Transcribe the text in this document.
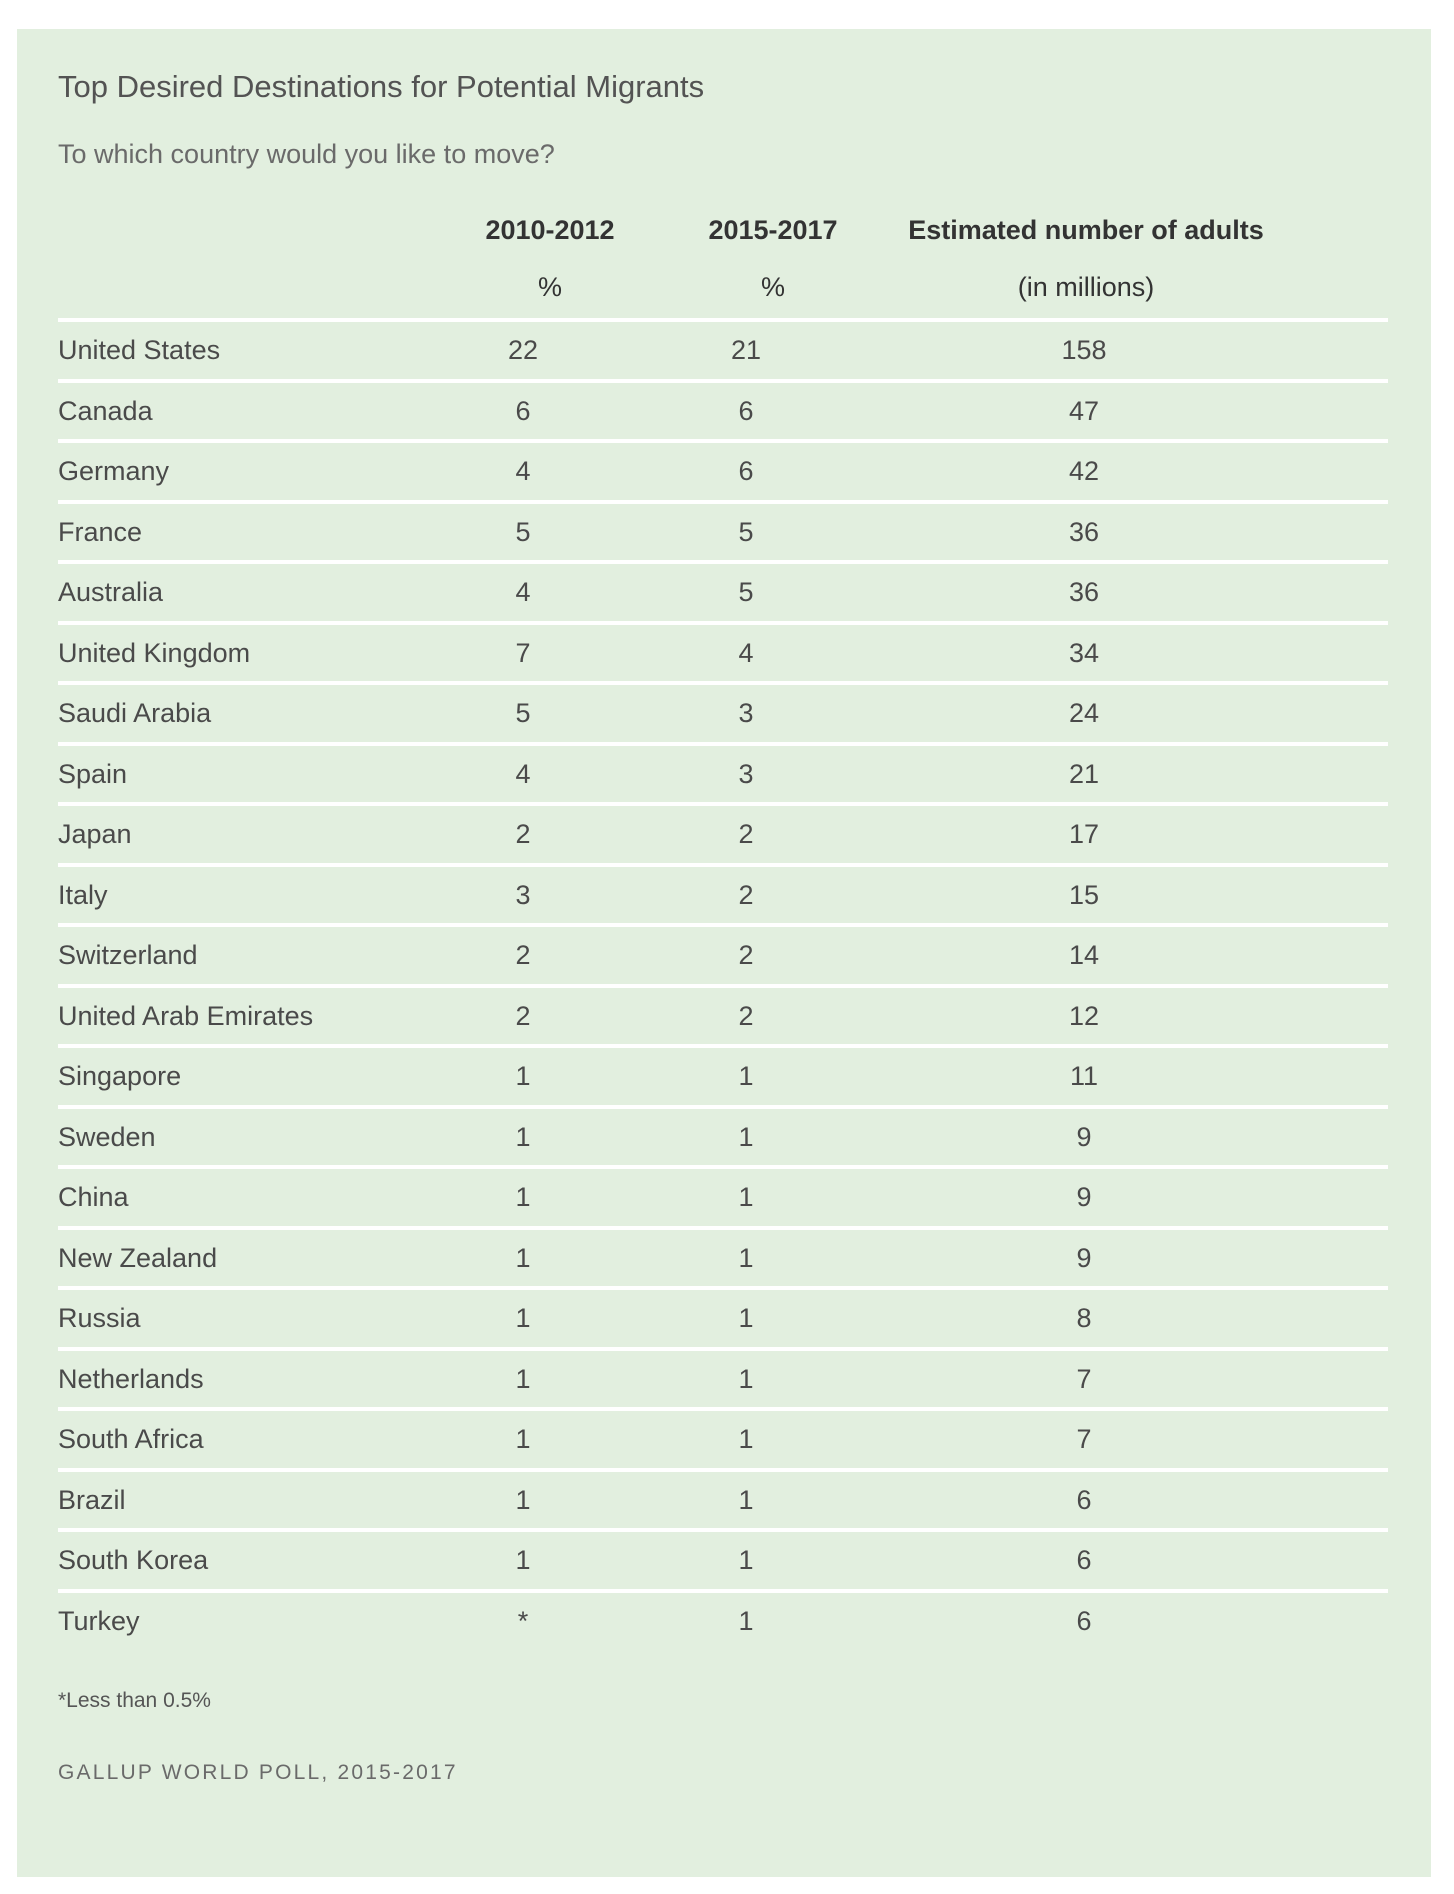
Top Desired Destinations for Potential Migrants
To which country would you like to move?
2010-2012	2015-2017	Estimated number of adults
%	%	(in millions)
United States	22	21	158
Canada	6	6	47
Germany	4	6	42
France	5	5	36
Australia	4	5	36
United Kingdom	7	4	34
Saudi Arabia	5	3	24
Spain	4	3	21
Japan	2	2	17
Italy	3	2	15
Switzerland	2	2	14
United Arab Emirates	2	2	12
Singapore	1	1	11
Sweden	1	1	9
China	1	1	9
New Zealand	1	1	9
Russia	1	1	8
Netherlands	1	1	7
South Africa	1	1	7
Brazil	1	1	6
South Korea	1	1	6
Turkey	*	1	6
*Less than 0.5%
GALLUP WORLD POLL, 2015-2017
